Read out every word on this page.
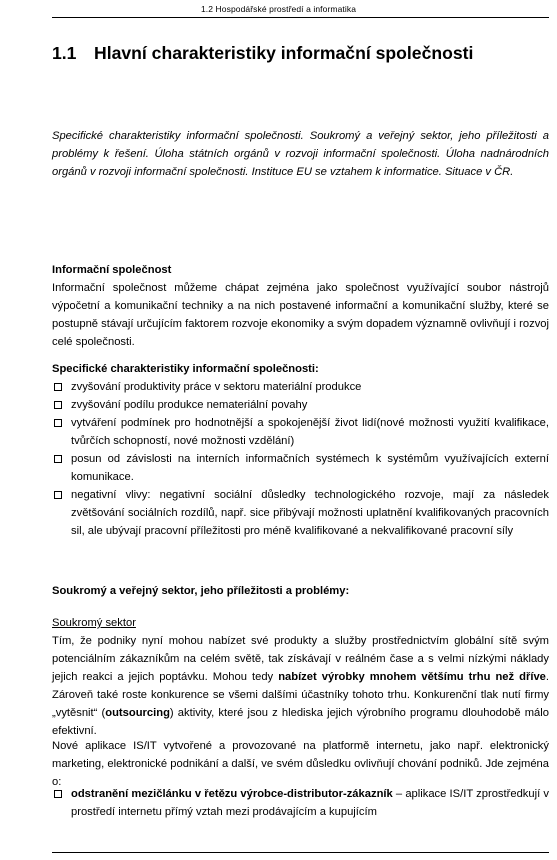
1.2 Hospodářské prostředí a informatika
1.1 Hlavní charakteristiky informační společnosti

Specifické charakteristiky informační společnosti. Soukromý a veřejný sektor, jeho příležitosti a problémy k řešení. Úloha státních orgánů v rozvoji informační společnosti. Úloha nadnárodních orgánů v rozvoji informační společnosti. Instituce EU se vztahem k informatice. Situace v ČR.

Informační společnost

Informační společnost můžeme chápat zejména jako společnost využívající soubor nástrojů výpočetní a komunikační techniky a na nich postavené informační a komunikační služby, které se postupně stávají určujícím faktorem rozvoje ekonomiky a svým dopadem významně ovlivňují i rozvoj celé společnosti.

Specifické charakteristiky informační společnosti:
zvyšování produktivity práce v sektoru materiální produkce
zvyšování podílu produkce nemateriální povahy
vytváření podmínek pro hodnotnější a spokojenější život lidí(nové možnosti využití kvalifikace, tvůrčích schopností, nové možnosti vzdělání)
posun od závislosti na interních informačních systémech k systémům využívajících externí komunikace.
negativní vlivy: negativní sociální důsledky technologického rozvoje, mají za následek zvětšování sociálních rozdílů, např. sice přibývají možnosti uplatnění kvalifikovaných pracovních sil, ale ubývají pracovní příležitosti pro méně kvalifikované a nekvalifikované pracovní síly
Soukromý a veřejný sektor, jeho příležitosti a problémy:
Soukromý sektor

Tím, že podniky nyní mohou nabízet své produkty a služby prostřednictvím globální sítě svým potenciálním zákazníkům na celém světě, tak získávají v reálném čase a s velmi nízkými náklady jejich reakci a jejich poptávku. Mohou tedy nabízet výrobky mnohem většímu trhu než dříve. Zároveň také roste konkurence se všemi dalšími účastníky tohoto trhu. Konkurenční tlak nutí firmy „vytěsnit“ (outsourcing) aktivity, které jsou z hlediska jejich výrobního programu dlouhodobě málo efektivní.

Nové aplikace IS/IT vytvořené a provozované na platformě internetu, jako např. elektronický marketing, elektronické podnikání a další, ve svém důsledku ovlivňují chování podniků. Jde zejména o:

odstranění mezičlánku v řetězu výrobce-distributor-zákazník – aplikace IS/IT zprostředkují v prostředí internetu přímý vztah mezi prodávajícím a kupujícím
